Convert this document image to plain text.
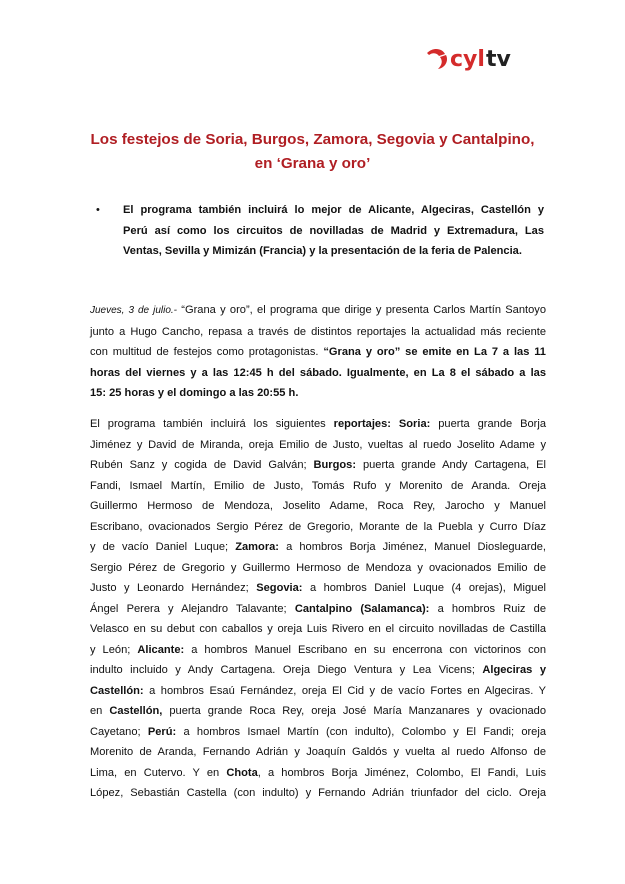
cyl tv
Los festejos de Soria, Burgos, Zamora, Segovia y Cantalpino,
en ‘Grana y oro’
• El programa también incluirá lo mejor de Alicante, Algeciras, Castellón y
Perú así como los circuitos de novilladas de Madrid y Extremadura, Las
Ventas, Sevilla y Mimizán (Francia) y la presentación de la feria de Palencia.
Jueves, 3 de julio.- “Grana y oro”, el programa que dirige y presenta Carlos Martín Santoyo
junto a Hugo Cancho, repasa a través de distintos reportajes la actualidad más reciente
con multitud de festejos como protagonistas. “Grana y oro” se emite en La 7 a las 11
horas del viernes y a las 12:45 h del sábado. Igualmente, en La 8 el sábado a las
15: 25 horas y el domingo a las 20:55 h.
El programa también incluirá los siguientes reportajes: Soria: puerta grande Borja
Jiménez y David de Miranda, oreja Emilio de Justo, vueltas al ruedo Joselito Adame y
Rubén Sanz y cogida de David Galván; Burgos: puerta grande Andy Cartagena, El
Fandi, Ismael Martín, Emilio de Justo, Tomás Rufo y Morenito de Aranda. Oreja
Guillermo Hermoso de Mendoza, Joselito Adame, Roca Rey, Jarocho y Manuel
Escribano, ovacionados Sergio Pérez de Gregorio, Morante de la Puebla y Curro Díaz
y de vacío Daniel Luque; Zamora: a hombros Borja Jiménez, Manuel Diosleguarde,
Sergio Pérez de Gregorio y Guillermo Hermoso de Mendoza y ovacionados Emilio de
Justo y Leonardo Hernández; Segovia: a hombros Daniel Luque (4 orejas), Miguel
Ángel Perera y Alejandro Talavante; Cantalpino (Salamanca): a hombros Ruiz de
Velasco en su debut con caballos y oreja Luis Rivero en el circuito novilladas de Castilla
y León; Alicante: a hombros Manuel Escribano en su encerrona con victorinos con
indulto incluido y Andy Cartagena. Oreja Diego Ventura y Lea Vicens; Algeciras y
Castellón: a hombros Esaú Fernández, oreja El Cid y de vacío Fortes en Algeciras. Y
en Castellón, puerta grande Roca Rey, oreja José María Manzanares y ovacionado
Cayetano; Perú: a hombros Ismael Martín (con indulto), Colombo y El Fandi; oreja
Morenito de Aranda, Fernando Adrián y Joaquín Galdós y vuelta al ruedo Alfonso de
Lima, en Cutervo. Y en Chota, a hombros Borja Jiménez, Colombo, El Fandi, Luis
López, Sebastián Castella (con indulto) y Fernando Adrián triunfador del ciclo. Oreja
